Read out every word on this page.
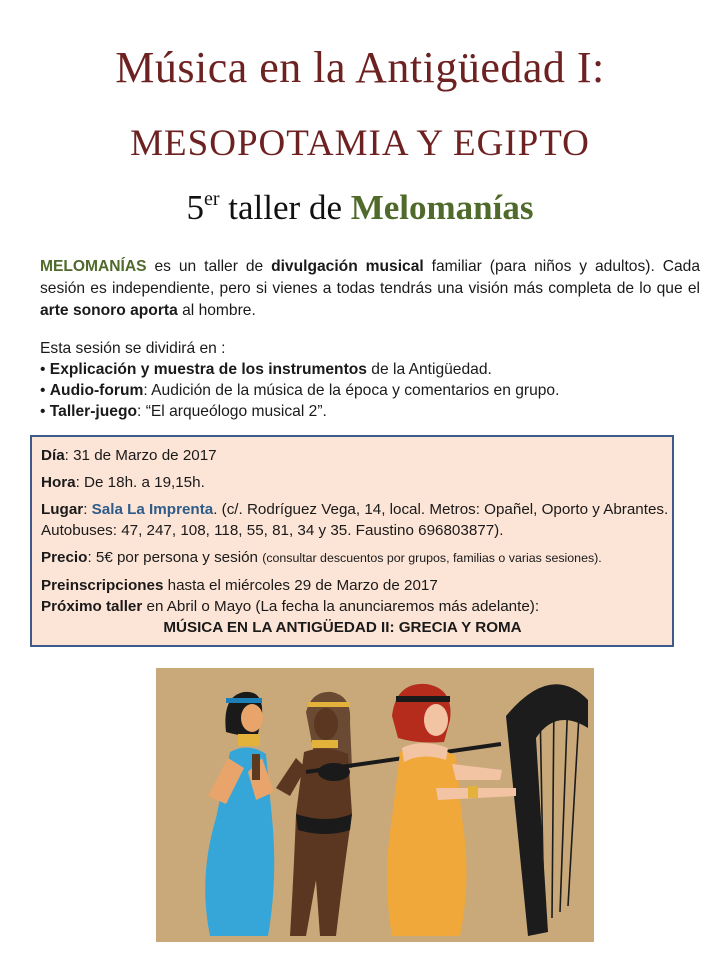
Música en la Antigüedad I:
MESOPOTAMIA Y EGIPTO
5er taller de Melomanías
MELOMANÍAS es un taller de divulgación musical familiar (para niños y adultos). Cada sesión es independiente, pero si vienes a todas tendrás una visión más completa de lo que el arte sonoro aporta al hombre.
Esta sesión se dividirá en :
• Explicación y muestra de los instrumentos de la Antigüedad.
• Audio-forum: Audición de la música de la época y comentarios en grupo.
• Taller-juego: “El arqueólogo musical 2”.
Día: 31 de Marzo de 2017
Hora: De 18h. a 19,15h.
Lugar: Sala La Imprenta. (c/. Rodríguez Vega, 14, local. Metros: Opañel, Oporto y Abrantes. Autobuses: 47, 247, 108, 118, 55, 81, 34 y 35. Faustino 696803877).
Precio: 5€ por persona y sesión (consultar descuentos por grupos, familias o varias sesiones).
Preinscripciones hasta el miércoles 29 de Marzo de 2017
Próximo taller en Abril o Mayo (La fecha la anunciaremos más adelante):
MÚSICA EN LA ANTIGÜEDAD II: GRECIA Y ROMA
